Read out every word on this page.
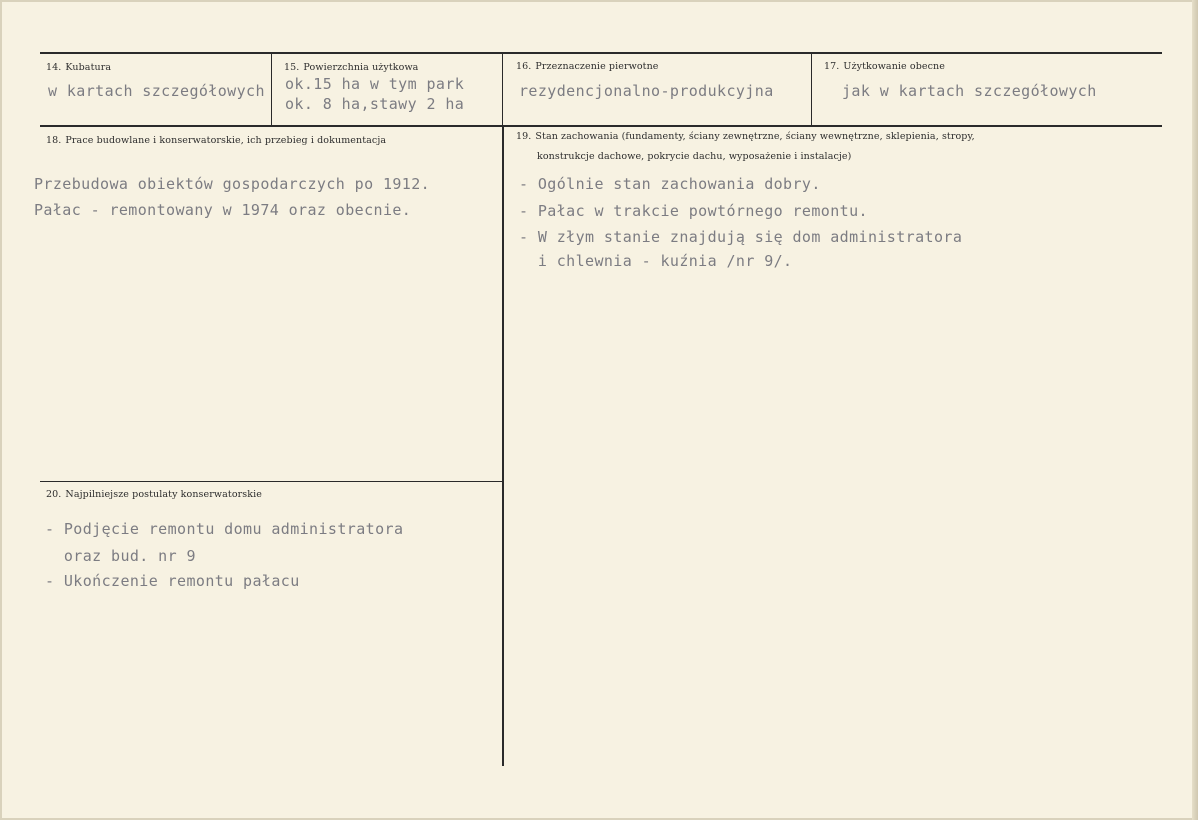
14. Kubatura
w kartach szczegółowych
15. Powierzchnia użytkowa
ok.15 ha w tym park
ok. 8 ha,stawy 2 ha
16. Przeznaczenie pierwotne
rezydencjonalno-produkcyjna
17. Użytkowanie obecne
jak w kartach szczegółowych
18. Prace budowlane i konserwatorskie, ich przebieg i dokumentacja
Przebudowa obiektów gospodarczych po 1912.
Pałac - remontowany w 1974 oraz obecnie.
19. Stan zachowania (fundamenty, ściany zewnętrzne, ściany wewnętrzne, sklepienia, stropy,
konstrukcje dachowe, pokrycie dachu, wyposażenie i instalacje)
- Ogólnie stan zachowania dobry.
- Pałac w trakcie powtórnego remontu.
- W złym stanie znajdują się dom administratora
i chlewnia - kuźnia /nr 9/.
20. Najpilniejsze postulaty konserwatorskie
- Podjęcie remontu domu administratora
oraz bud. nr 9
- Ukończenie remontu pałacu
